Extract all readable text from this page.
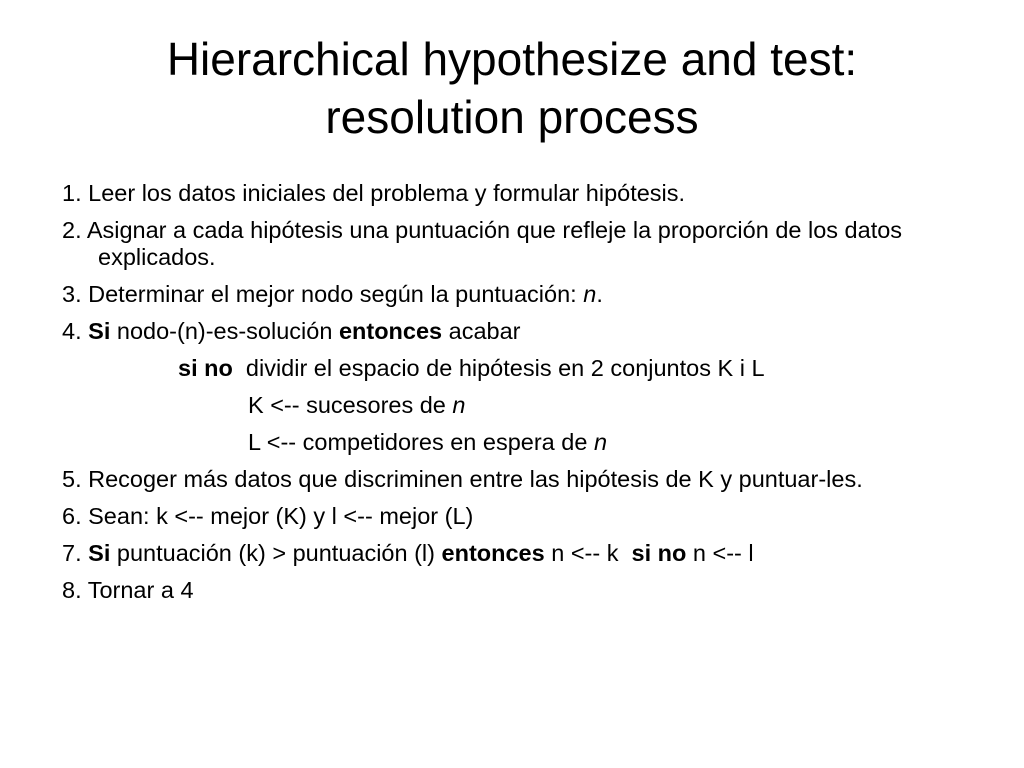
Hierarchical hypothesize and test:
resolution process
1. Leer los datos iniciales del problema y formular hipótesis.
2. Asignar a cada hipótesis una puntuación que refleje la proporción de los datos explicados.
3. Determinar el mejor nodo según la puntuación: n.
4. Si nodo-(n)-es-solución entonces acabar
si no  dividir el espacio de hipótesis en 2 conjuntos K i L
K <-- sucesores de n
L <-- competidores en espera de n
5. Recoger más datos que discriminen entre las hipótesis de K y puntuar-les.
6. Sean: k <-- mejor (K) y l <-- mejor (L)
7. Si puntuación (k) > puntuación (l) entonces n <-- k  si no n <-- l
8. Tornar a 4
